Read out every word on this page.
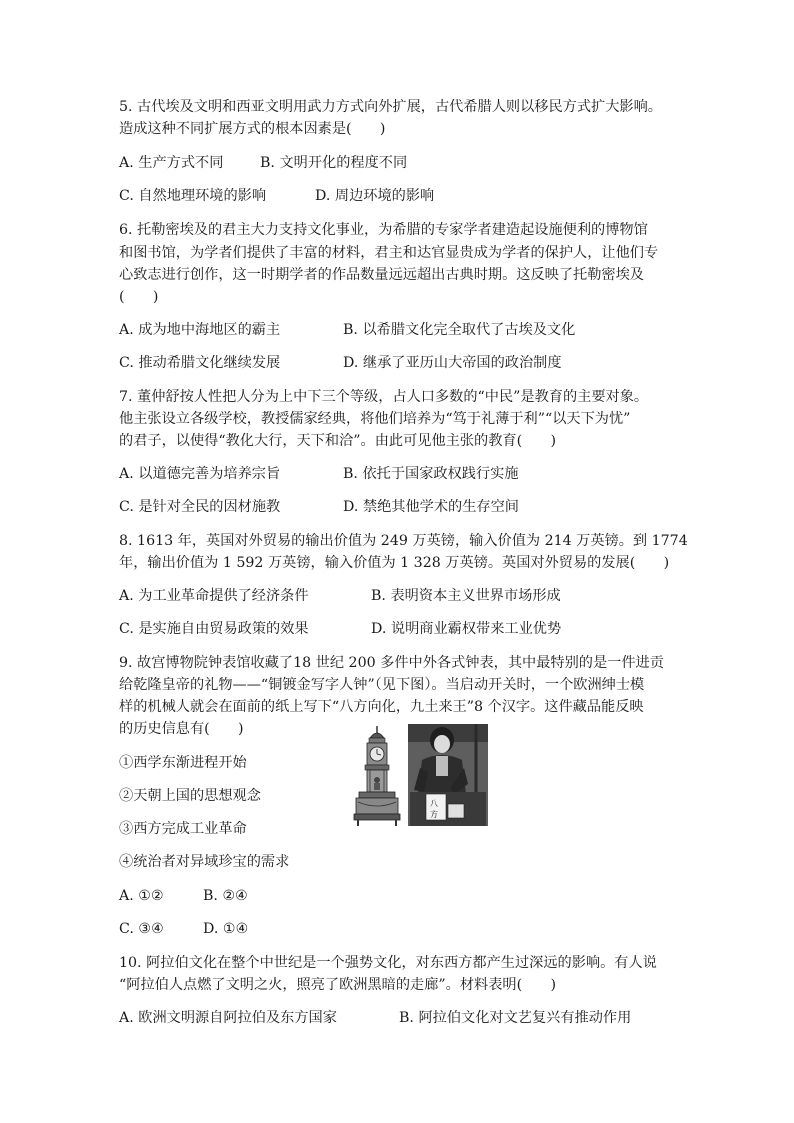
5. 古代埃及文明和西亚文明用武力方式向外扩展，古代希腊人则以移民方式扩大影响。
造成这种不同扩展方式的根本因素是(　　)
A. 生产方式不同	B. 文明开化的程度不同
C. 自然地理环境的影响	D. 周边环境的影响
6. 托勒密埃及的君主大力支持文化事业，为希腊的专家学者建造起设施便利的博物馆
和图书馆，为学者们提供了丰富的材料，君主和达官显贵成为学者的保护人，让他们专
心致志进行创作，这一时期学者的作品数量远远超出古典时期。这反映了托勒密埃及
(　　)
A. 成为地中海地区的霸主	B. 以希腊文化完全取代了古埃及文化
C. 推动希腊文化继续发展	D. 继承了亚历山大帝国的政治制度
7. 董仲舒按人性把人分为上中下三个等级，占人口多数的“中民”是教育的主要对象。
他主张设立各级学校，教授儒家经典，将他们培养为“笃于礼薄于利”“以天下为忧”
的君子，以使得“教化大行，天下和洽”。由此可见他主张的教育(　　)
A. 以道德完善为培养宗旨	B. 依托于国家政权践行实施
C. 是针对全民的因材施教	D. 禁绝其他学术的生存空间
8. 1613 年，英国对外贸易的输出价值为 249 万英镑，输入价值为 214 万英镑。到 1774
年，输出价值为 1 592 万英镑，输入价值为 1 328 万英镑。英国对外贸易的发展(　　)
A. 为工业革命提供了经济条件	B. 表明资本主义世界市场形成
C. 是实施自由贸易政策的效果	D. 说明商业霸权带来工业优势
9. 故宫博物院钟表馆收藏了18 世纪 200 多件中外各式钟表，其中最特别的是一件进贡
给乾隆皇帝的礼物——“铜镀金写字人钟”（见下图）。当启动开关时，一个欧洲绅士模
样的机械人就会在面前的纸上写下“八方向化，九土来王”8 个汉字。这件藏品能反映
的历史信息有(　　)
①西学东渐进程开始
②天朝上国的思想观念
③西方完成工业革命
④统治者对异域珍宝的需求
A. ①②	B. ②④
C. ③④	D. ①④
八
方
10. 阿拉伯文化在整个中世纪是一个强势文化，对东西方都产生过深远的影响。有人说
“阿拉伯人点燃了文明之火，照亮了欧洲黑暗的走廊”。材料表明(　　)
A. 欧洲文明源自阿拉伯及东方国家	B. 阿拉伯文化对文艺复兴有推动作用
